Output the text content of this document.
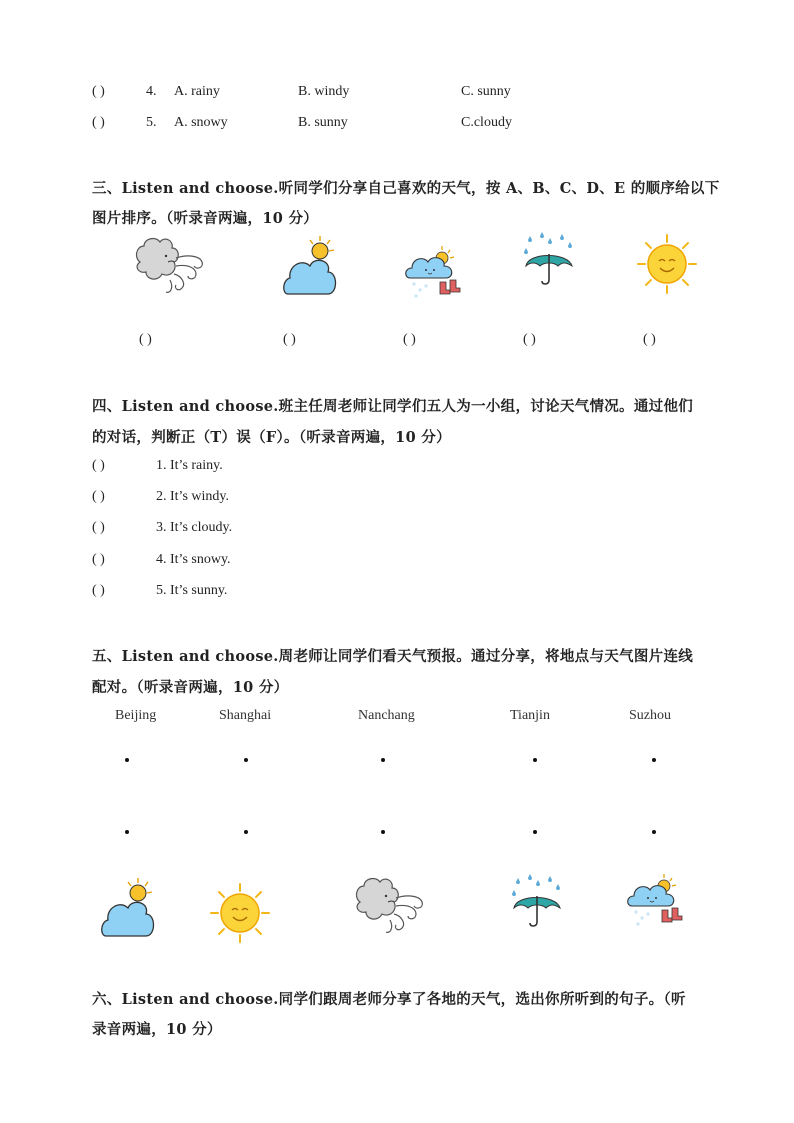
( )	4. A. rainy	B. windy	C. sunny
( )	5. A. snowy	B. sunny	C.cloudy
三、Listen and choose.听同学们分享自己喜欢的天气，按 A、B、C、D、E 的顺序给以下
图片排序。（听录音两遍，10 分）
( )	( )	( )	( )	( )
四、Listen and choose.班主任周老师让同学们五人为一小组，讨论天气情况。通过他们
的对话，判断正（T）误（F）。（听录音两遍，10 分）
( )	1. It’s rainy.
( )	2. It’s windy.
( )	3. It’s cloudy.
( )	4. It’s snowy.
( )	5. It’s sunny.
五、Listen and choose.周老师让同学们看天气预报。通过分享，将地点与天气图片连线
配对。（听录音两遍，10 分）
Beijing	Shanghai	Nanchang	Tianjin	Suzhou
六、Listen and choose.同学们跟周老师分享了各地的天气，选出你所听到的句子。（听
录音两遍，10 分）
